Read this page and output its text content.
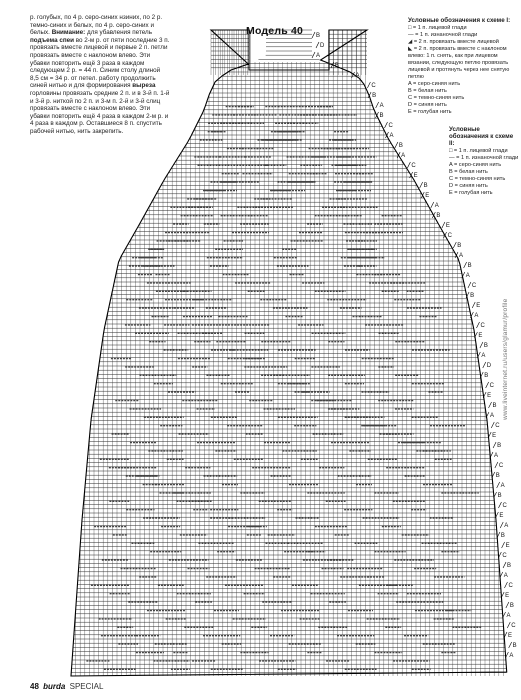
р. голубых, по 4 р. серо-синих нзиних, по 2 р. темно-синих и белых, по 4 р. серо-синих и белых. Внимание: для убавления петель подъема спеи во 2-м р. от пяти последние 3 п. провязать вместе лицевой и первые 2 п. петли провязать вместе с наклоном влево. Эти убавки повторить ещё 3 раза в каждом следующем 2 р. = 44 п. Синим столу длиной 8,5 см = 34 р. от петел. работу продолжить синей нитью и для формирования выреза горловины провязать средние 2 п. и в 3-й п. 1-й и 3-й р. ниткой по 2 п. и 3-м п. 2-й и 3-й слиц провязать вместе с наклоном влево. Эти убавки повторить ещё 4 раза в каждом 2-м р. и 4 раза в каждом р. Оставшиеся 8 п. спустить рабочей нитью, нить закрепить.

Модель 40
Условные обозначения к схеме I:
□ = 1 п. лицевой глади
— = 1 п. изнаночной глади
◢ = 2 п. провязать вместе лицевой
◣ = 2 п. провязать вместе с наклоном влево: 1 п. снять, как при лицевом вязании, следующую петлю провязать лицевой и протянуть через нее снятую петлю
A = серо-синяя нить
B = белая нить
C = темно-синяя нить
D = синяя нить
E = голубая нить
Условные обозначения к схеме II:
□ = 1 п. лицевой глади
— = 1 п. изнаночной глади
A = серо-синяя нить
B = белая нить
C = темно-синяя нить
D = синяя нить
E = голубая нить
B
D
A
B
A
C
B
A
B
C
A
B
A
C
E
B
E
A
B
E
C
B
A
B
A
C
B
E
A
C
E
B
A
D
B
C
E
B
A
C
E
B
A
C
B
A
B
C
E
A
B
E
C
B
A
C
E
B
A
C
E
B
A
48 burda SPECIAL
www.liveinternet.ru/users/glamur/profile
